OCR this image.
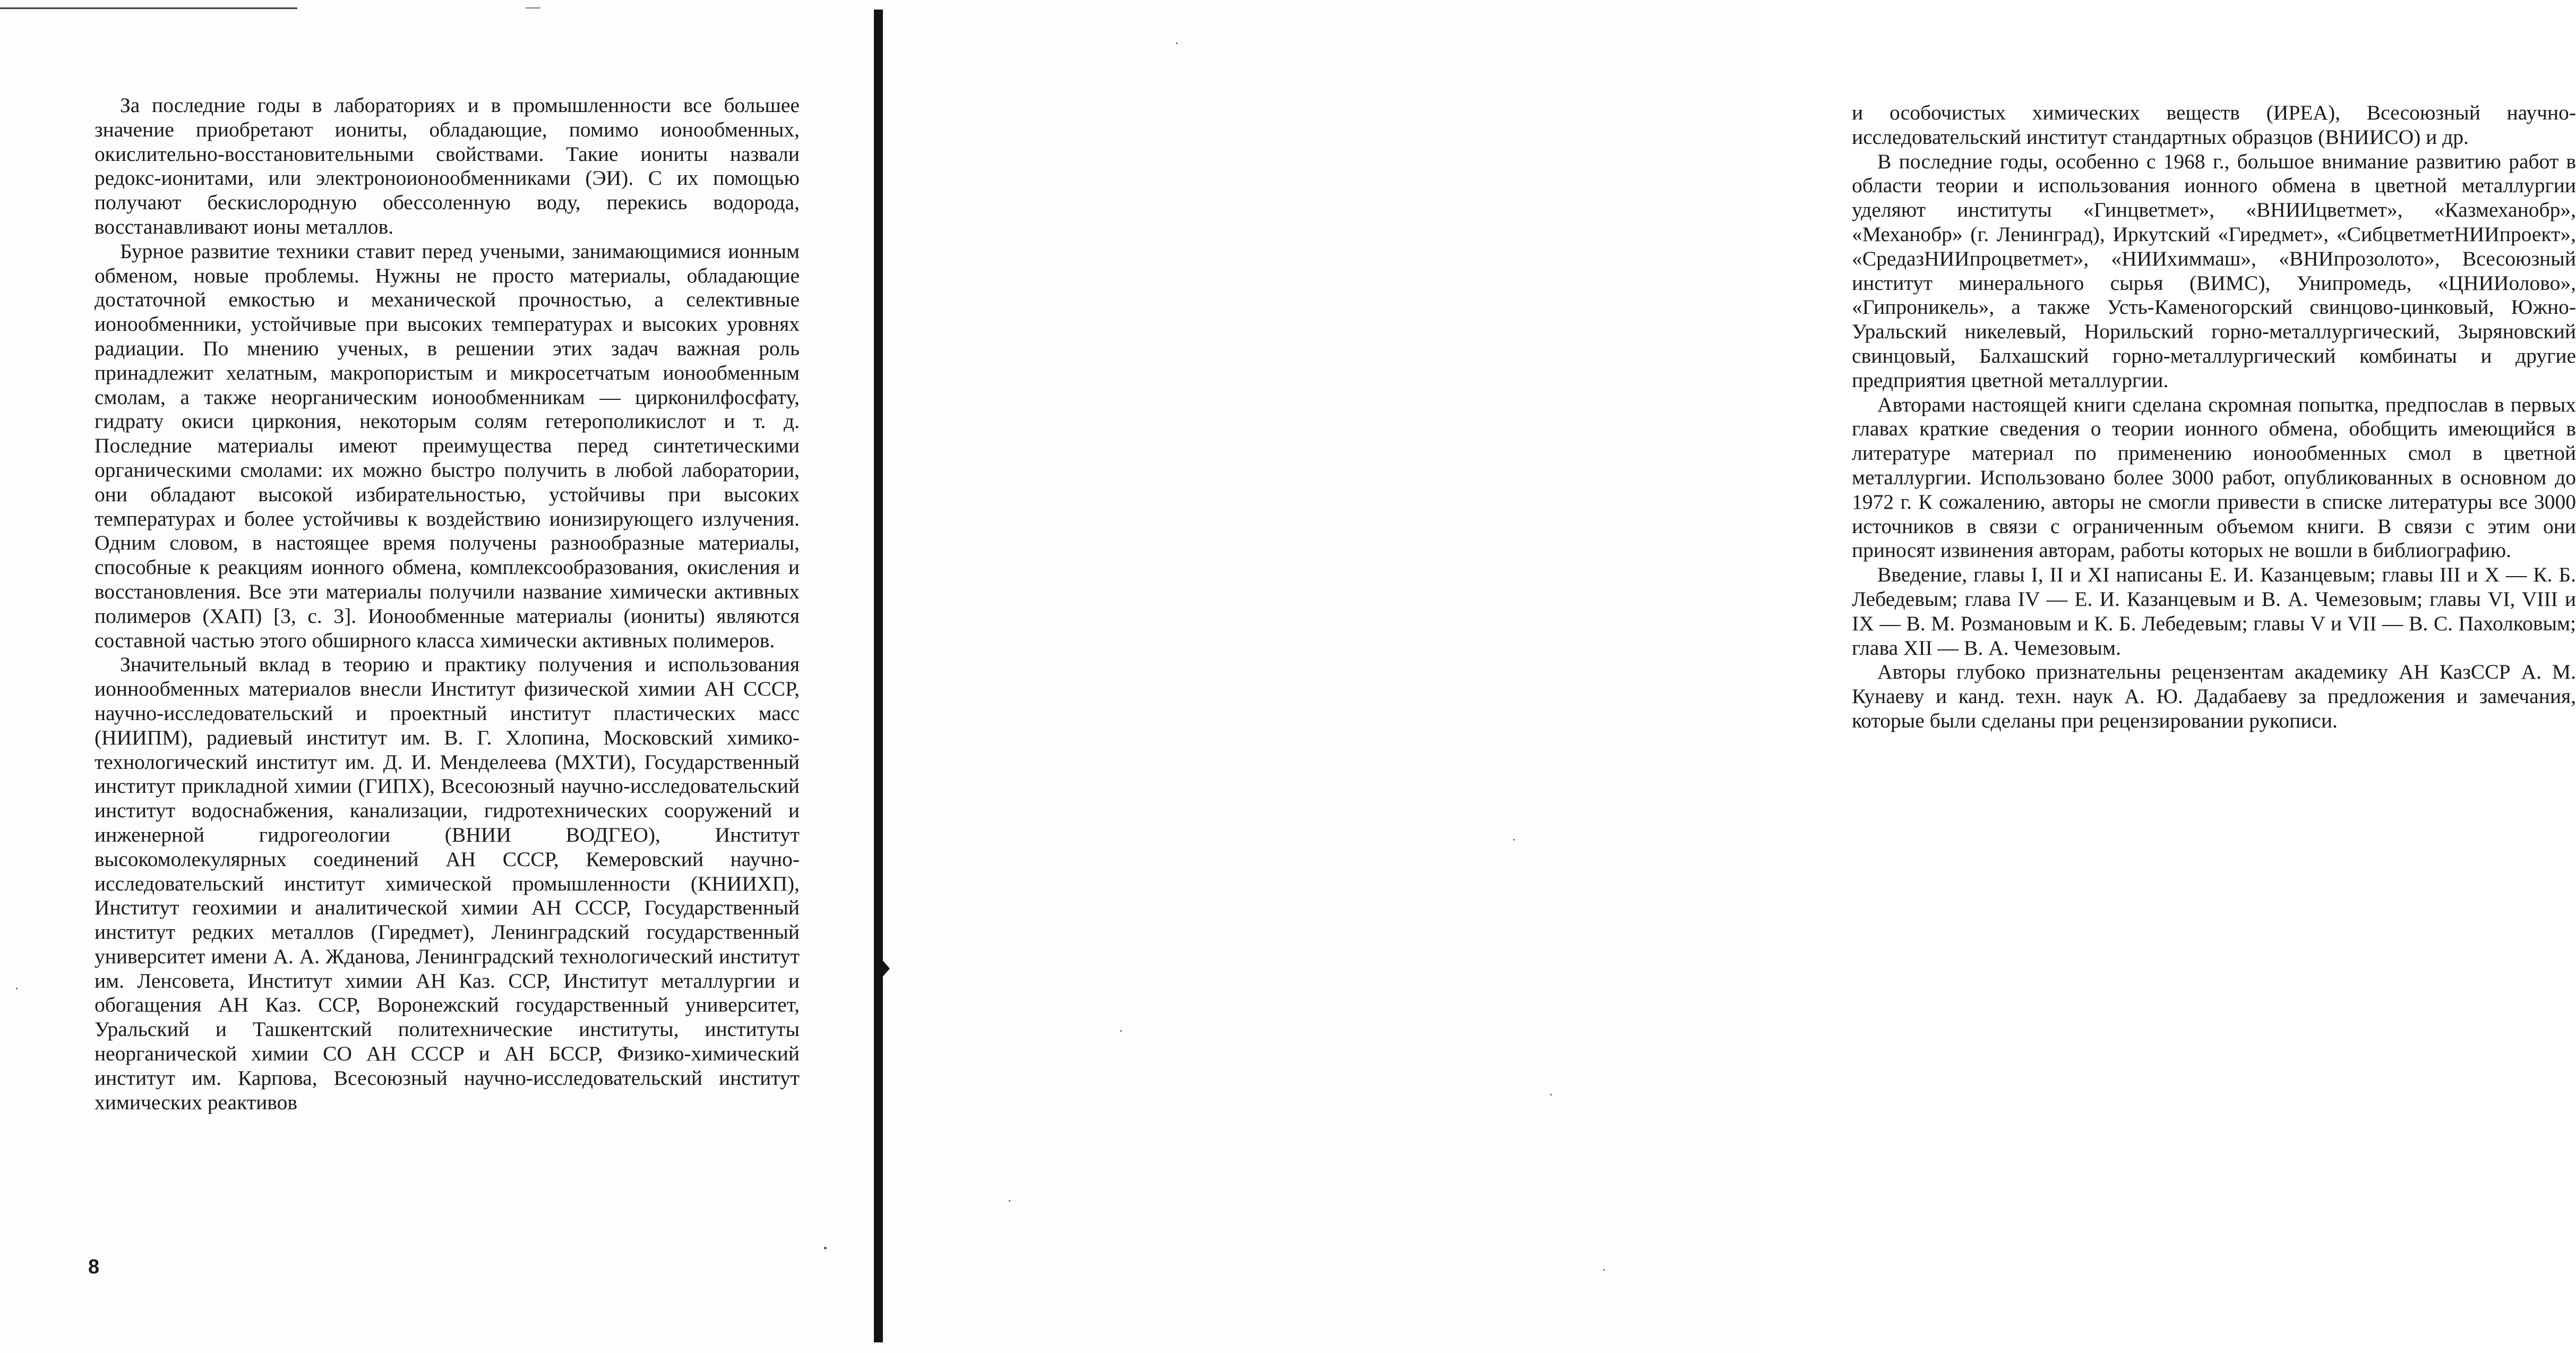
За последние годы в лабораториях и в промышленности все большее значение приобретают иониты, обладающие, помимо ионообменных, окислительно-восстановительными свойствами. Такие иониты назвали редокс-ионитами, или электроноионообменниками (ЭИ). С их помощью получают бескислородную обессоленную воду, перекись водорода, восстанавливают ионы металлов.

Бурное развитие техники ставит перед учеными, занимающимися ионным обменом, новые проблемы. Нужны не просто материалы, обладающие достаточной емкостью и механической прочностью, а селективные ионообменники, устойчивые при высоких температурах и высоких уровнях радиации. По мнению ученых, в решении этих задач важная роль принадлежит хелатным, макропористым и микросетчатым ионообменным смолам, а также неорганическим ионообменникам — цирконилфосфату, гидрату окиси циркония, некоторым солям гетерополикислот и т. д. Последние материалы имеют преимущества перед синтетическими органическими смолами: их можно быстро получить в любой лаборатории, они обладают высокой избирательностью, устойчивы при высоких температурах и более устойчивы к воздействию ионизирующего излучения. Одним словом, в настоящее время получены разнообразные материалы, способные к реакциям ионного обмена, комплексообразования, окисления и восстановления. Все эти материалы получили название химически активных полимеров (ХАП) [3, с. 3]. Ионообменные материалы (иониты) являются составной частью этого обширного класса химически активных полимеров.

Значительный вклад в теорию и практику получения и использования ионнообменных материалов внесли Институт физической химии АН СССР, научно-исследовательский и проектный институт пластических масс (НИИПМ), радиевый институт им. В. Г. Хлопина, Московский химико-технологический институт им. Д. И. Менделеева (МХТИ), Государственный институт прикладной химии (ГИПХ), Всесоюзный научно-исследовательский институт водоснабжения, канализации, гидротехнических сооружений и инженерной гидрогеологии (ВНИИ ВОДГЕО), Институт высокомолекулярных соединений АН СССР, Кемеровский научно-исследовательский институт химической промышленности (КНИИХП), Институт геохимии и аналитической химии АН СССР, Государственный институт редких металлов (Гиредмет), Ленинградский государственный университет имени А. А. Жданова, Ленинградский технологический институт им. Ленсовета, Институт химии АН Каз. ССР, Институт металлургии и обогащения АН Каз. ССР, Воронежский государственный университет, Уральский и Ташкентский политехнические институты, институты неорганической химии СО АН СССР и АН БССР, Физико-химический институт им. Карпова, Всесоюзный научно-исследовательский институт химических реактивов

8

и особочистых химических веществ (ИРЕА), Всесоюзный научно-исследовательский институт стандартных образцов (ВНИИСО) и др.

В последние годы, особенно с 1968 г., большое внимание развитию работ в области теории и использования ионного обмена в цветной металлургии уделяют институты «Гинцветмет», «ВНИИцветмет», «Казмеханобр», «Механобр» (г. Ленинград), Иркутский «Гиредмет», «СибцветметНИИпроект», «СредазНИИпроцветмет», «НИИхиммаш», «ВНИпрозолото», Всесоюзный институт минерального сырья (ВИМС), Унипромедь, «ЦНИИолово», «Гипроникель», а также Усть-Каменогорский свинцово-цинковый, Южно-Уральский никелевый, Норильский горно-металлургический, Зыряновский свинцовый, Балхашский горно-металлургический комбинаты и другие предприятия цветной металлургии.

Авторами настоящей книги сделана скромная попытка, предпослав в первых главах краткие сведения о теории ионного обмена, обобщить имеющийся в литературе материал по применению ионообменных смол в цветной металлургии. Использовано более 3000 работ, опубликованных в основном до 1972 г. К сожалению, авторы не смогли привести в списке литературы все 3000 источников в связи с ограниченным объемом книги. В связи с этим они приносят извинения авторам, работы которых не вошли в библиографию.

Введение, главы I, II и XI написаны Е. И. Казанцевым; главы III и X — К. Б. Лебедевым; глава IV — Е. И. Казанцевым и В. А. Чемезовым; главы VI, VIII и IX — В. М. Розмановым и К. Б. Лебедевым; главы V и VII — В. С. Пахолковым; глава XII — В. А. Чемезовым.

Авторы глубоко признательны рецензентам академику АН КазССР А. М. Кунаеву и канд. техн. наук А. Ю. Дадабаеву за предложения и замечания, которые были сделаны при рецензировании рукописи.
